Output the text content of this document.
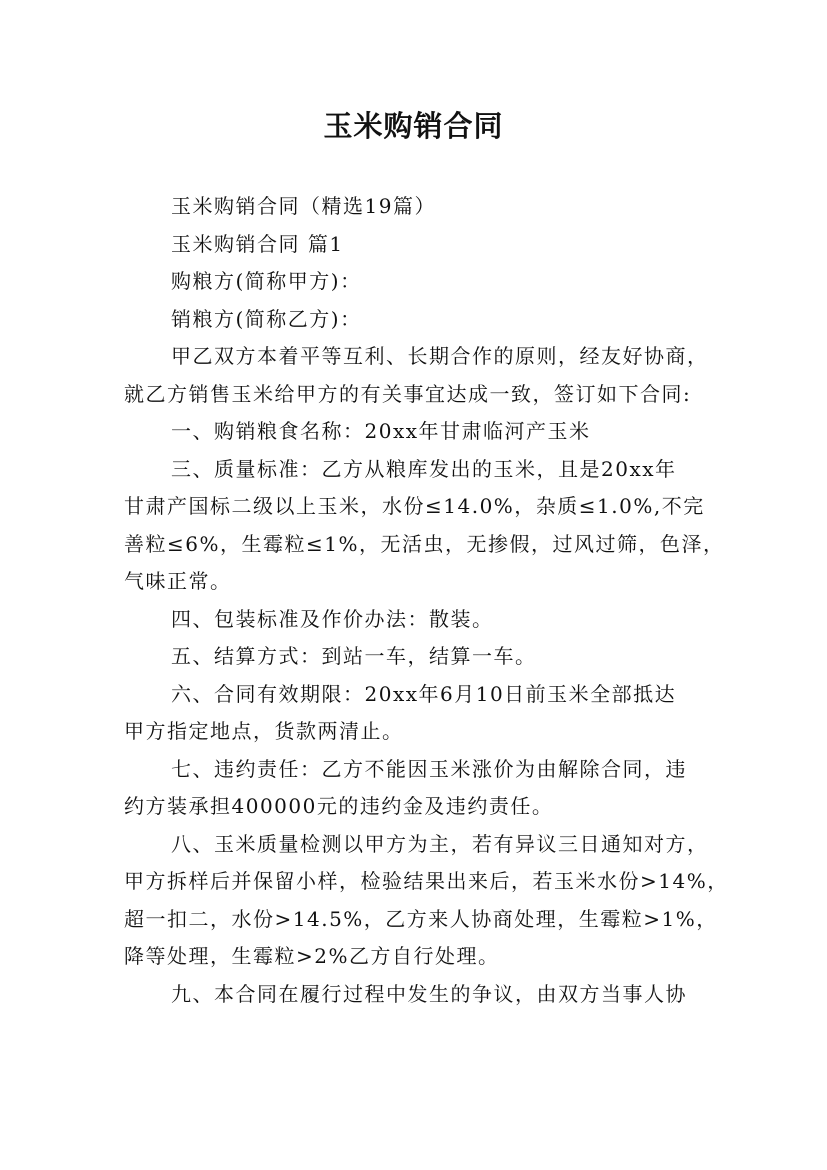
玉米购销合同
玉米购销合同（精选19篇）
玉米购销合同 篇1
购粮方(简称甲方)：
销粮方(简称乙方)：
甲乙双方本着平等互利、长期合作的原则，经友好协商，
就乙方销售玉米给甲方的有关事宜达成一致，签订如下合同:
一、购销粮食名称：20xx年甘肃临河产玉米
三、质量标准：乙方从粮库发出的玉米，且是20xx年
甘肃产国标二级以上玉米，水份≤14.0%，杂质≤1.0%,不完
善粒≤6%，生霉粒≤1%，无活虫，无掺假，过风过筛，色泽，
气味正常。
四、包装标准及作价办法：散装。
五、结算方式：到站一车，结算一车。
六、合同有效期限：20xx年6月10日前玉米全部抵达
甲方指定地点，货款两清止。
七、违约责任：乙方不能因玉米涨价为由解除合同，违
约方装承担400000元的违约金及违约责任。
八、玉米质量检测以甲方为主，若有异议三日通知对方，
甲方拆样后并保留小样，检验结果出来后，若玉米水份>14%，
超一扣二，水份>14.5%，乙方来人协商处理，生霉粒>1%，
降等处理，生霉粒>2%乙方自行处理。
九、本合同在履行过程中发生的争议，由双方当事人协
